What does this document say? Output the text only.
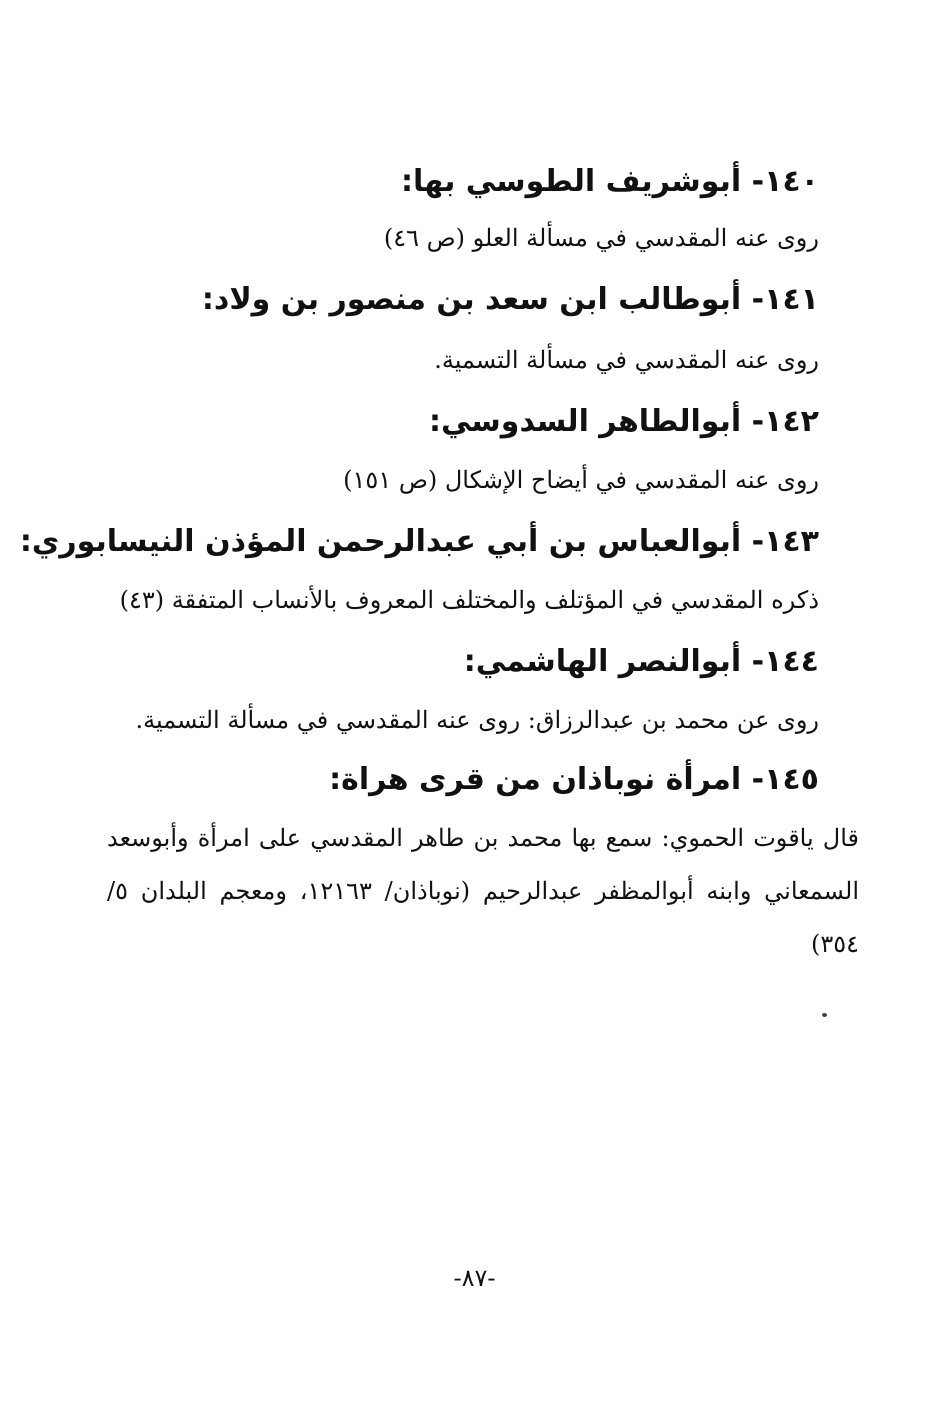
١٤٠- أبوشريف الطوسي بها:
روى عنه المقدسي في مسألة العلو (ص ٤٦)
١٤١- أبوطالب ابن سعد بن منصور بن ولاد:
روى عنه المقدسي في مسألة التسمية.
١٤٢- أبوالطاهر السدوسي:
روى عنه المقدسي في أيضاح الإشكال (ص ١٥١)
١٤٣- أبوالعباس بن أبي عبدالرحمن المؤذن النيسابوري:
ذكره المقدسي في المؤتلف والمختلف المعروف بالأنساب المتفقة (٤٣)
١٤٤- أبوالنصر الهاشمي:
روى عن محمد بن عبدالرزاق: روى عنه المقدسي في مسألة التسمية.
١٤٥- امرأة نوباذان من قرى هراة:
قال ياقوت الحموي: سمع بها محمد بن طاهر المقدسي على امرأة وأبوسعد السمعاني وابنه أبوالمظفر عبدالرحيم (نوباذان/ ١٢١٦٣، ومعجم البلدان ٥/ ٣٥٤)
-٨٧-
